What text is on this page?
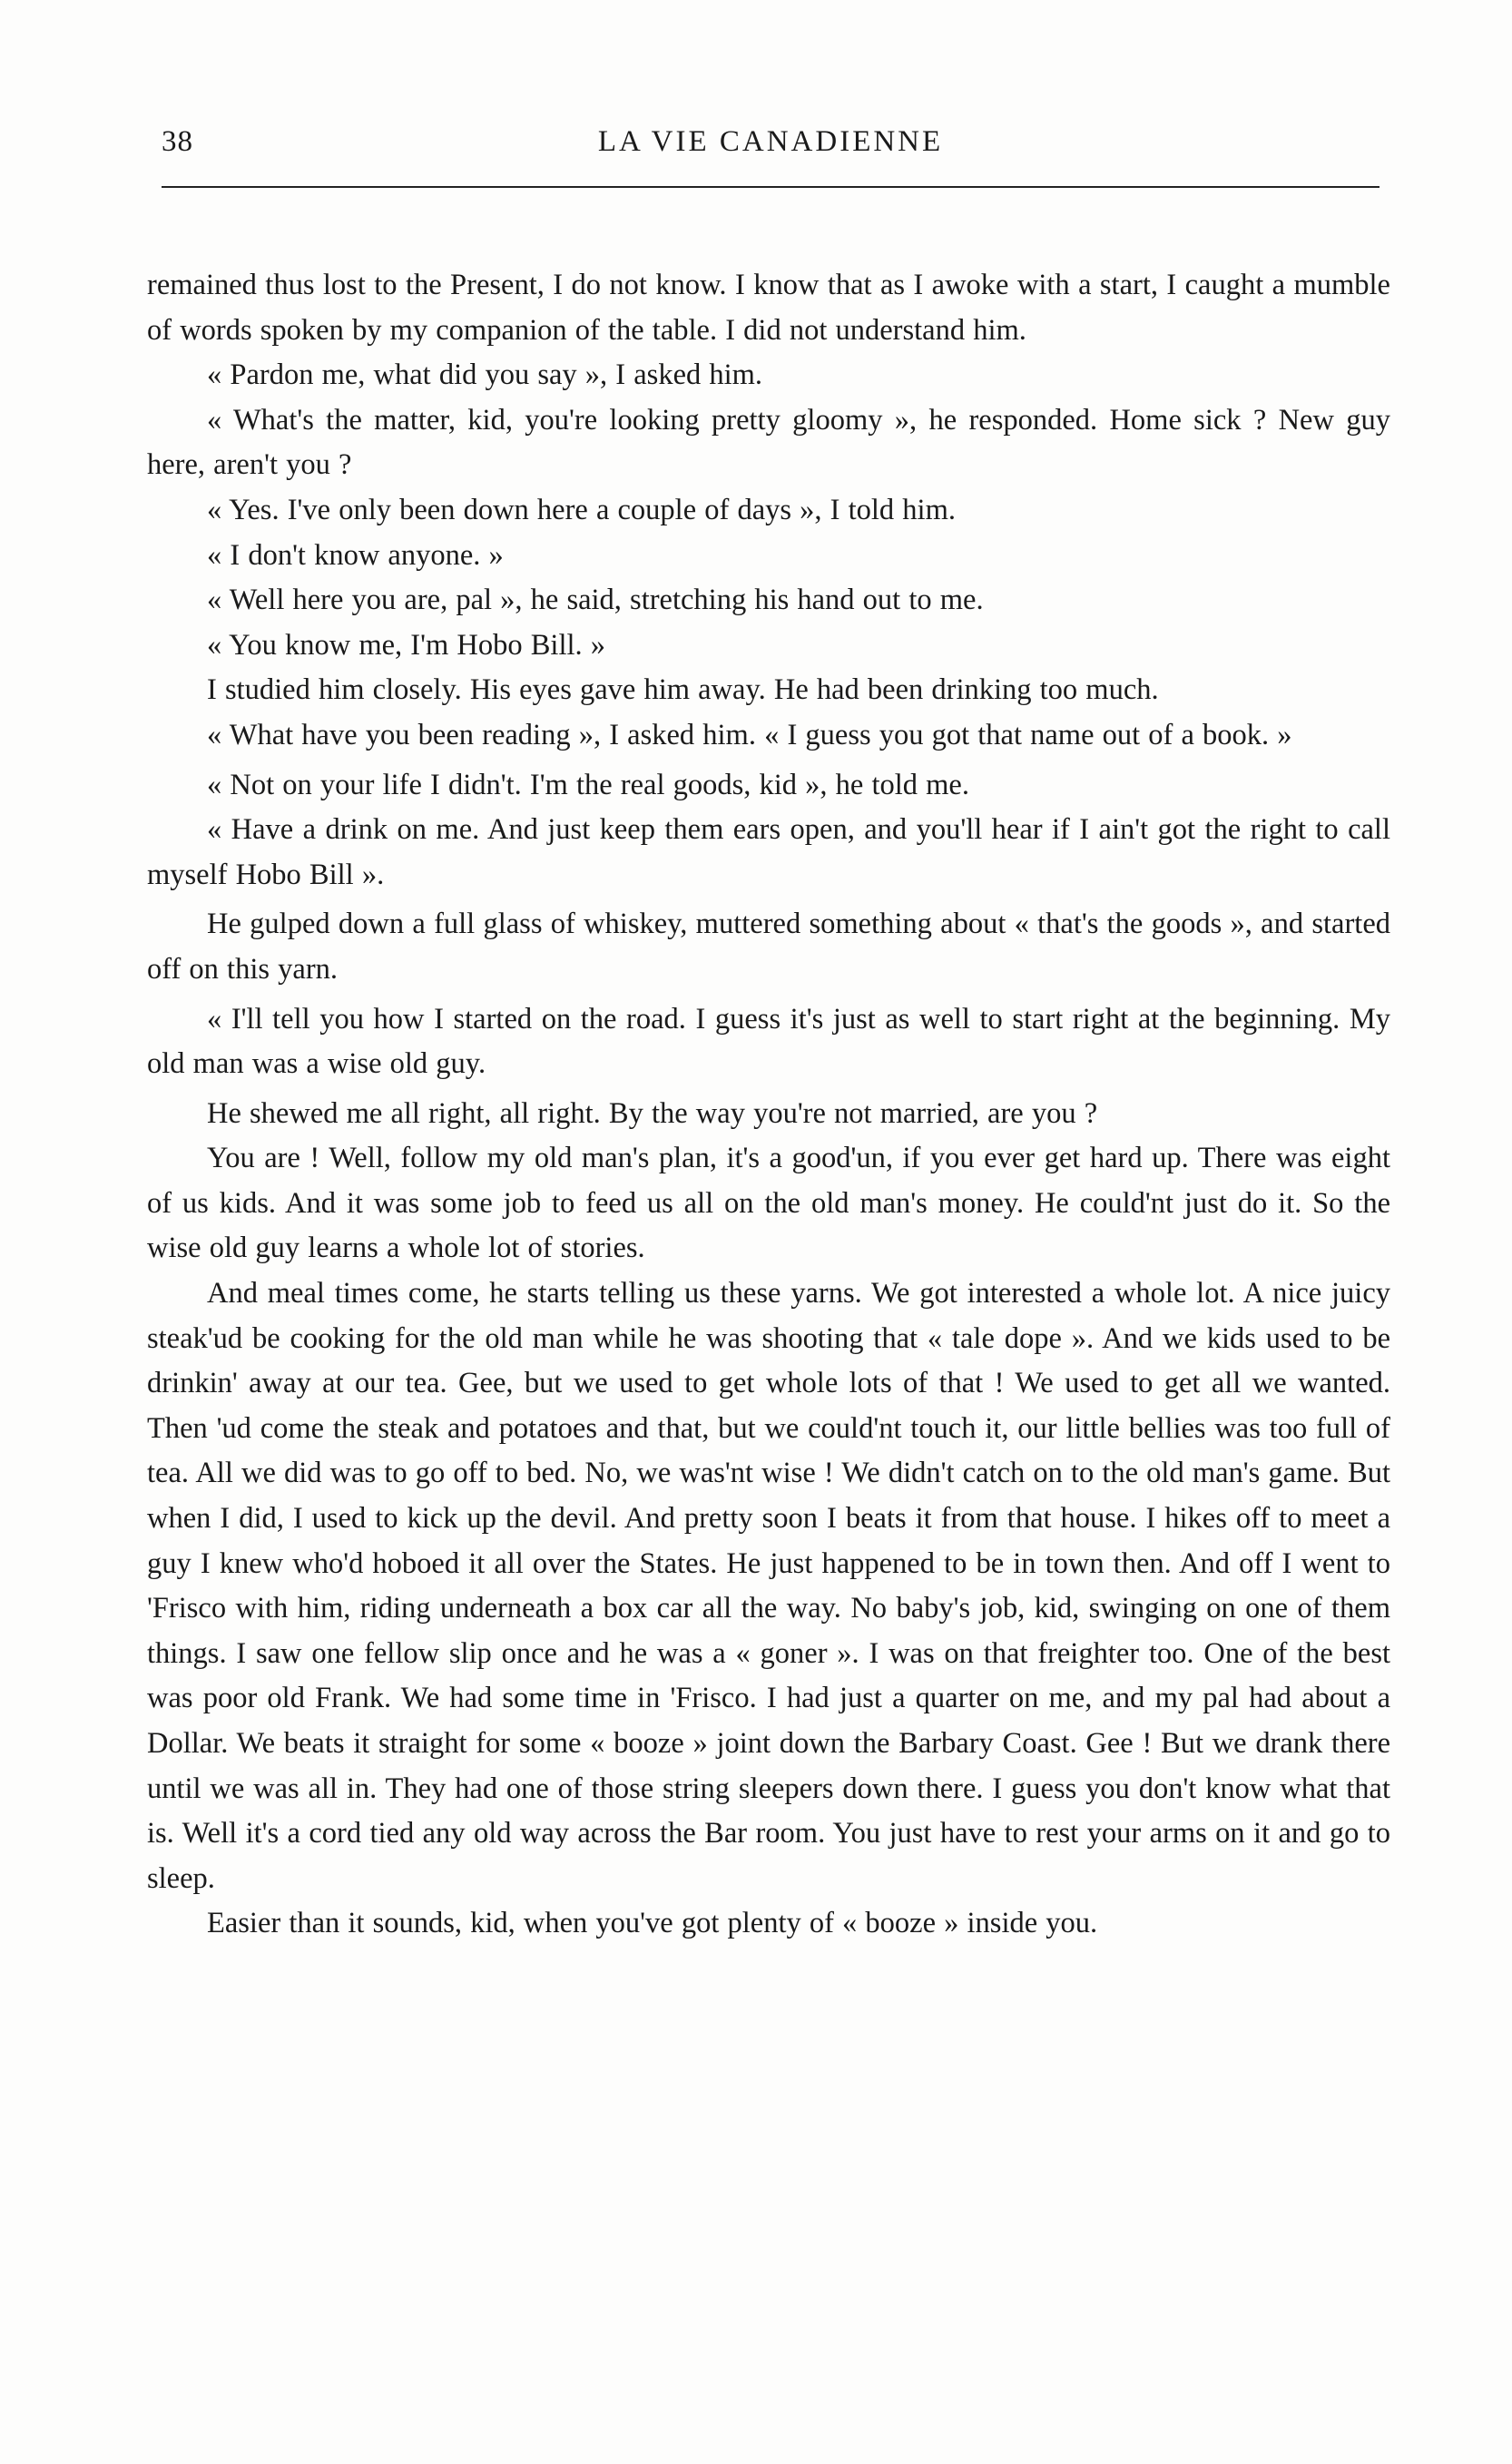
38	LA VIE CANADIENNE

remained thus lost to the Present, I do not know. I know that as I awoke with a start, I caught a mumble of words spoken by my companion of the table. I did not understand him.

« Pardon me, what did you say », I asked him.

« What's the matter, kid, you're looking pretty gloomy », he responded. Home sick ? New guy here, aren't you ?

« Yes. I've only been down here a couple of days », I told him.

« I don't know anyone. »

« Well here you are, pal », he said, stretching his hand out to me.

« You know me, I'm Hobo Bill. »

I studied him closely. His eyes gave him away. He had been drinking too much.

« What have you been reading », I asked him. « I guess you got that name out of a book. »

« Not on your life I didn't. I'm the real goods, kid », he told me.

« Have a drink on me. And just keep them ears open, and you'll hear if I ain't got the right to call myself Hobo Bill ».

He gulped down a full glass of whiskey, muttered something about « that's the goods », and started off on this yarn.

« I'll tell you how I started on the road. I guess it's just as well to start right at the beginning. My old man was a wise old guy.

He shewed me all right, all right. By the way you're not married, are you ?

You are ! Well, follow my old man's plan, it's a good'un, if you ever get hard up. There was eight of us kids. And it was some job to feed us all on the old man's money. He could'nt just do it. So the wise old guy learns a whole lot of stories.

And meal times come, he starts telling us these yarns. We got interested a whole lot. A nice juicy steak'ud be cooking for the old man while he was shooting that « tale dope ». And we kids used to be drinkin' away at our tea. Gee, but we used to get whole lots of that ! We used to get all we wanted. Then 'ud come the steak and potatoes and that, but we could'nt touch it, our little bellies was too full of tea. All we did was to go off to bed. No, we was'nt wise ! We didn't catch on to the old man's game. But when I did, I used to kick up the devil. And pretty soon I beats it from that house. I hikes off to meet a guy I knew who'd hoboed it all over the States. He just happened to be in town then. And off I went to 'Frisco with him, riding underneath a box car all the way. No baby's job, kid, swinging on one of them things. I saw one fellow slip once and he was a « goner ». I was on that freighter too. One of the best was poor old Frank. We had some time in 'Frisco. I had just a quarter on me, and my pal had about a Dollar. We beats it straight for some « booze » joint down the Barbary Coast. Gee ! But we drank there until we was all in. They had one of those string sleepers down there. I guess you don't know what that is. Well it's a cord tied any old way across the Bar room. You just have to rest your arms on it and go to sleep.

Easier than it sounds, kid, when you've got plenty of « booze » inside you.
